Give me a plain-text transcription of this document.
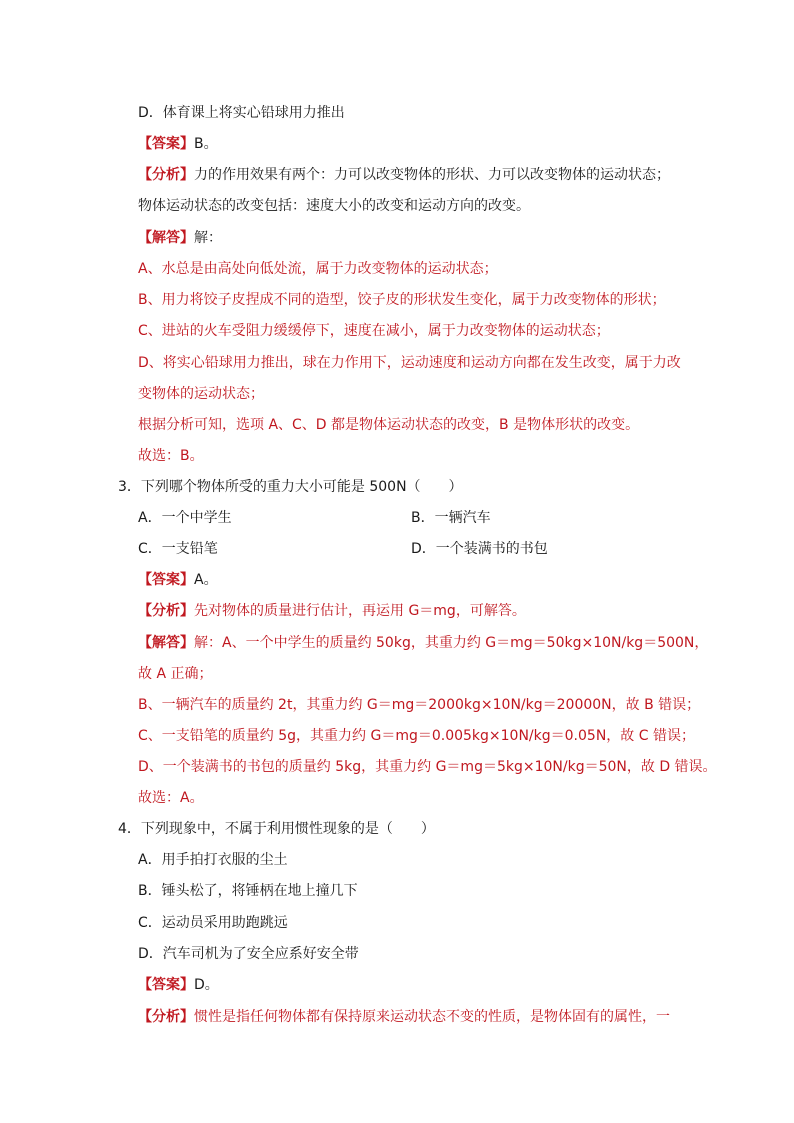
D．体育课上将实心铅球用力推出
【答案】B。
【分析】力的作用效果有两个：力可以改变物体的形状、力可以改变物体的运动状态；
物体运动状态的改变包括：速度大小的改变和运动方向的改变。
【解答】解：
A、水总是由高处向低处流，属于力改变物体的运动状态；
B、用力将饺子皮捏成不同的造型，饺子皮的形状发生变化，属于力改变物体的形状；
C、进站的火车受阻力缓缓停下，速度在减小，属于力改变物体的运动状态；
D、将实心铅球用力推出，球在力作用下，运动速度和运动方向都在发生改变，属于力改
变物体的运动状态；
根据分析可知，选项 A、C、D 都是物体运动状态的改变，B 是物体形状的改变。
故选：B。
3．下列哪个物体所受的重力大小可能是 500N（　　）
A．一个中学生	B．一辆汽车
C．一支铅笔	D．一个装满书的书包
【答案】A。
【分析】先对物体的质量进行估计，再运用 G＝mg，可解答。
【解答】解：A、一个中学生的质量约 50kg，其重力约 G＝mg＝50kg×10N/kg＝500N，
故 A 正确；
B、一辆汽车的质量约 2t，其重力约 G＝mg＝2000kg×10N/kg＝20000N，故 B 错误；
C、一支铅笔的质量约 5g，其重力约 G＝mg＝0.005kg×10N/kg＝0.05N，故 C 错误；
D、一个装满书的书包的质量约 5kg，其重力约 G＝mg＝5kg×10N/kg＝50N，故 D 错误。
故选：A。
4．下列现象中，不属于利用惯性现象的是（　　）
A．用手拍打衣服的尘土
B．锤头松了，将锤柄在地上撞几下
C．运动员采用助跑跳远
D．汽车司机为了安全应系好安全带
【答案】D。
【分析】惯性是指任何物体都有保持原来运动状态不变的性质，是物体固有的属性，一
